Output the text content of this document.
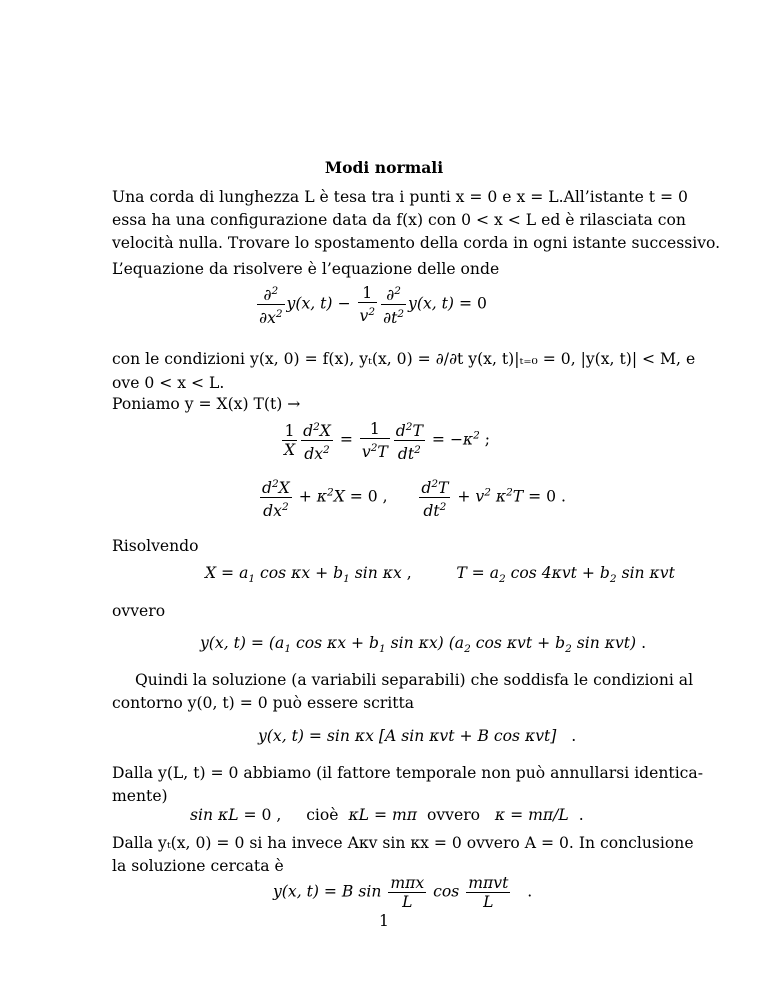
Modi normali
Una corda di lunghezza L è tesa tra i punti x = 0 e x = L.All’istante t = 0
essa ha una configurazione data da f(x) con 0 < x < L ed è rilasciata con
velocità nulla. Trovare lo spostamento della corda in ogni istante successivo.
L’equazione da risolvere è l’equazione delle onde
$\frac{\partial^2}{\partial x^2} y(x$, $t) - \frac{1}{v^2} \frac{\partial^2}{\partial t^2} y(x$, t) = 0
con le condizioni y(x, 0) = f(x), yₜ(x, 0) = ∂/∂t y(x, t)|ₜ₌₀ = 0, |y(x, t)| < M, e
ove 0 < x < L.
Poniamo y = X(x) T(t) →
$\frac{1}{X} \frac{d^2X}{dx^2} = \frac{1}{v^2T} \frac{d^2T}{dt^2} = -\kappa^2$ ;
$\frac{d^2X}{dx^2} + \kappa^2X = 0$ , $\frac{d^2T}{dt^2} + v^2$ $\kappa^2T = 0$ .
Risolvendo
$X = a_1$ $\cos \kappa x + b_1$ sin κx ,         $T = a_2$ $\cos 4\kappa vt + b_2$ sin κvt
ovvero
y(x, $t) = (a_1$ $\cos \kappa x + b_1$ sin κx) ($a_2$ $\cos \kappa vt + b_2$ sin κvt) .
Quindi la soluzione (a variabili separabili) che soddisfa le condizioni al
contorno y(0, t) = 0 può essere scritta
y(x, t) = sin κx [A sin κvt + B cos κvt]   .
Dalla y(L, t) = 0 abbiamo (il fattore temporale non può annullarsi identica-
mente)
sin κL = 0 , cioè  κL = mπ  ovvero   κ = mπ/L  .
Dalla yₜ(x, 0) = 0 si ha invece Aκv sin κx = 0 ovvero A = 0. In conclusione
la soluzione cercata è
y(x, t) = B $\sin \frac{\text{mπx}}{L}$ $\cos \frac{\text{mπvt}}{L}$ .
1
